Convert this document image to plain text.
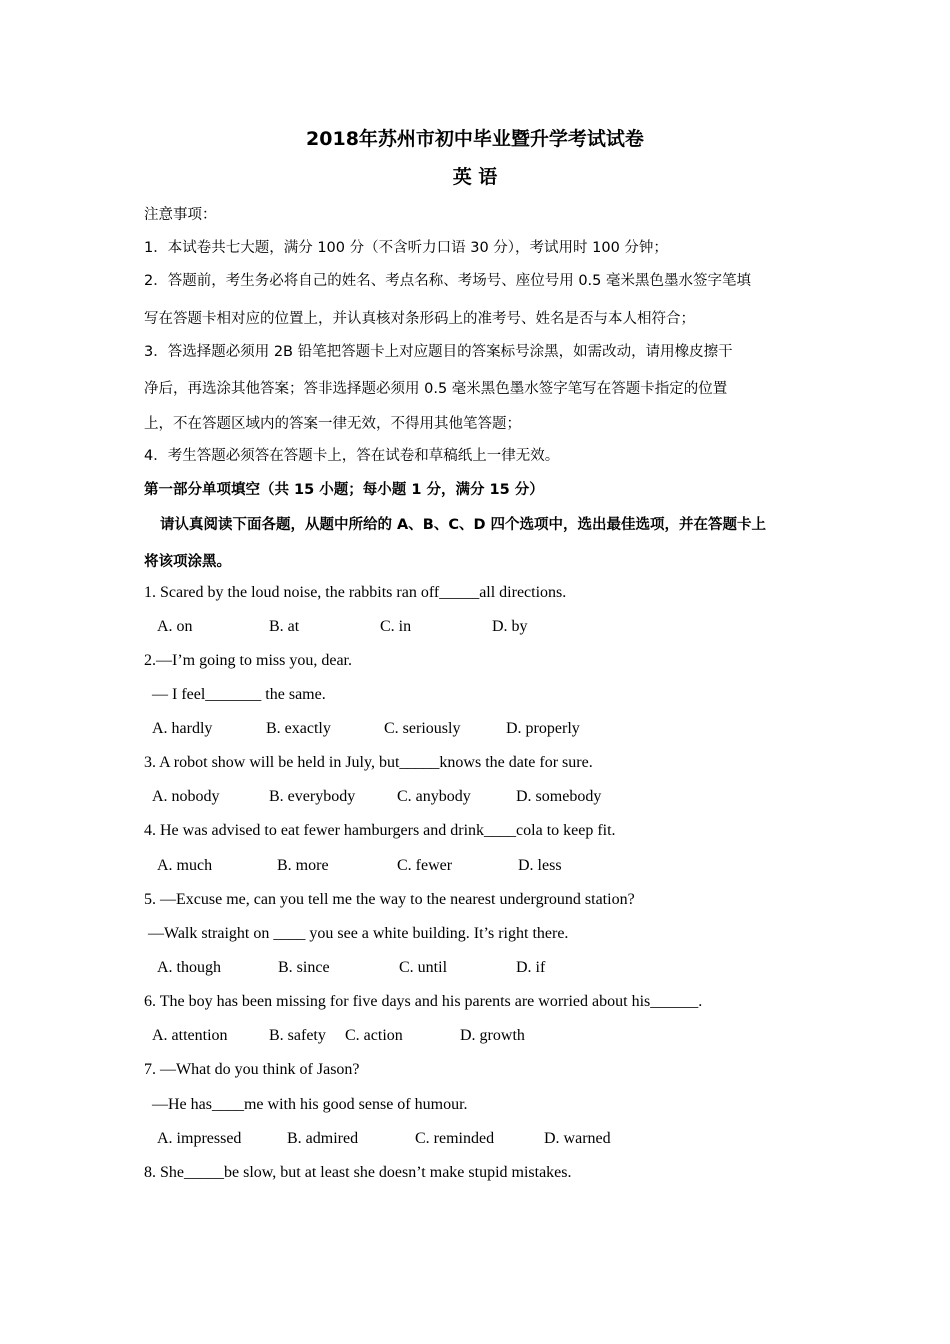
2018年苏州市初中毕业暨升学考试试卷
英 语
注意事项：
1．本试卷共七大题，满分 100 分（不含听力口语 30 分），考试用时 100 分钟；
2．答题前，考生务必将自己的姓名、考点名称、考场号、座位号用 0.5 毫米黑色墨水签字笔填
写在答题卡相对应的位置上，并认真核对条形码上的准考号、姓名是否与本人相符合；
3．答选择题必须用 2B 铅笔把答题卡上对应题目的答案标号涂黑，如需改动，请用橡皮擦干
净后，再选涂其他答案；答非选择题必须用 0.5 毫米黑色墨水签字笔写在答题卡指定的位置
上，不在答题区域内的答案一律无效，不得用其他笔答题；
4．考生答题必须答在答题卡上，答在试卷和草稿纸上一律无效。
第一部分单项填空（共 15 小题；每小题 1 分，满分 15 分）
请认真阅读下面各题，从题中所给的 A、B、C、D 四个选项中，选出最佳选项，并在答题卡上
将该项涂黑。
1. Scared by the loud noise, the rabbits ran off_____all directions.
A. on	B. at	C. in	D. by
2.—I’m going to miss you, dear.
— I feel_______ the same.
A. hardly	B. exactly	C. seriously	D. properly
3. A robot show will be held in July, but_____knows the date for sure.
A. nobody	B. everybody	C. anybody	D. somebody
4. He was advised to eat fewer hamburgers and drink____cola to keep fit.
A. much	B. more	C. fewer	D. less
5. —Excuse me, can you tell me the way to the nearest underground station?
—Walk straight on ____ you see a white building. It’s right there.
A. though	B. since	C. until	D. if
6. The boy has been missing for five days and his parents are worried about his______.
A. attention	B. safety C. action	D. growth
7. —What do you think of Jason?
—He has____me with his good sense of humour.
A. impressed	B. admired	C. reminded	D. warned
8. She_____be slow, but at least she doesn’t make stupid mistakes.
